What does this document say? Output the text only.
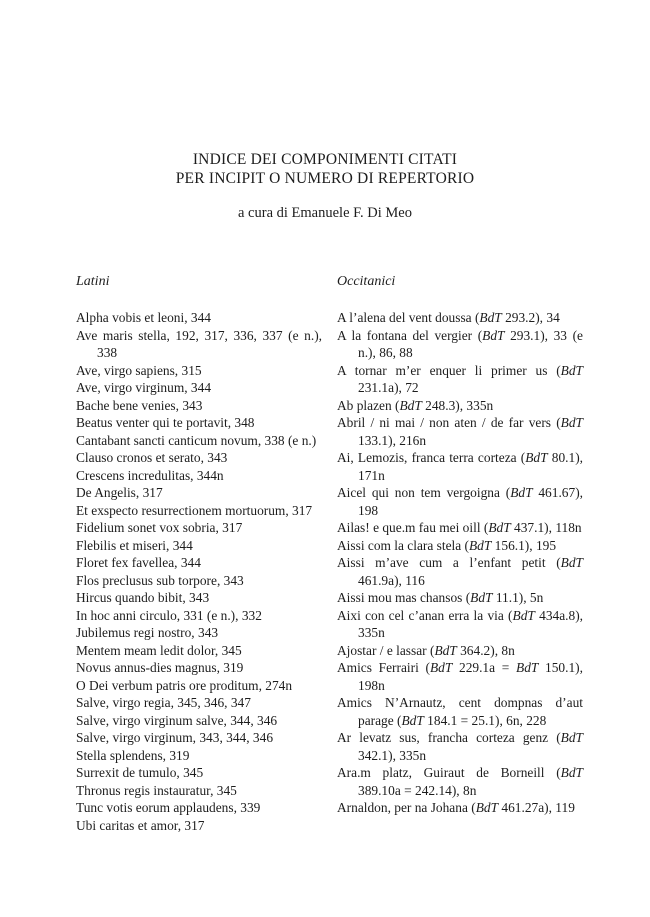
INDICE DEI COMPONIMENTI CITATI
PER INCIPIT O NUMERO DI REPERTORIO
a cura di Emanuele F. Di Meo
Latini
Alpha vobis et leoni, 344
Ave maris stella, 192, 317, 336, 337 (e n.), 338
Ave, virgo sapiens, 315
Ave, virgo virginum, 344
Bache bene venies, 343
Beatus venter qui te portavit, 348
Cantabant sancti canticum novum, 338 (e n.)
Clauso cronos et serato, 343
Crescens incredulitas, 344n
De Angelis, 317
Et exspecto resurrectionem mortuorum, 317
Fidelium sonet vox sobria, 317
Flebilis et miseri, 344
Floret fex favellea, 344
Flos preclusus sub torpore, 343
Hircus quando bibit, 343
In hoc anni circulo, 331 (e n.), 332
Jubilemus regi nostro, 343
Mentem meam ledit dolor, 345
Novus annus-dies magnus, 319
O Dei verbum patris ore proditum, 274n
Salve, virgo regia, 345, 346, 347
Salve, virgo virginum salve, 344, 346
Salve, virgo virginum, 343, 344, 346
Stella splendens, 319
Surrexit de tumulo, 345
Thronus regis instauratur, 345
Tunc votis eorum applaudens, 339
Ubi caritas et amor, 317
Occitanici
A l’alena del vent doussa (BdT 293.2), 34
A la fontana del vergier (BdT 293.1), 33 (e n.), 86, 88
A tornar m’er enquer li primer us (BdT 231.1a), 72
Ab plazen (BdT 248.3), 335n
Abril / ni mai / non aten / de far vers (BdT 133.1), 216n
Ai, Lemozis, franca terra corteza (BdT 80.1), 171n
Aicel qui non tem vergoigna (BdT 461.67), 198
Ailas! e que.m fau mei oill (BdT 437.1), 118n
Aissi com la clara stela (BdT 156.1), 195
Aissi m’ave cum a l’enfant petit (BdT 461.9a), 116
Aissi mou mas chansos (BdT 11.1), 5n
Aixi con cel c’anan erra la via (BdT 434a.8), 335n
Ajostar / e lassar (BdT 364.2), 8n
Amics Ferrairi (BdT 229.1a = BdT 150.1), 198n
Amics N’Arnautz, cent dompnas d’aut parage (BdT 184.1 = 25.1), 6n, 228
Ar levatz sus, francha corteza genz (BdT 342.1), 335n
Ara.m platz, Guiraut de Borneill (BdT 389.10a = 242.14), 8n
Arnaldon, per na Johana (BdT 461.27a), 119
